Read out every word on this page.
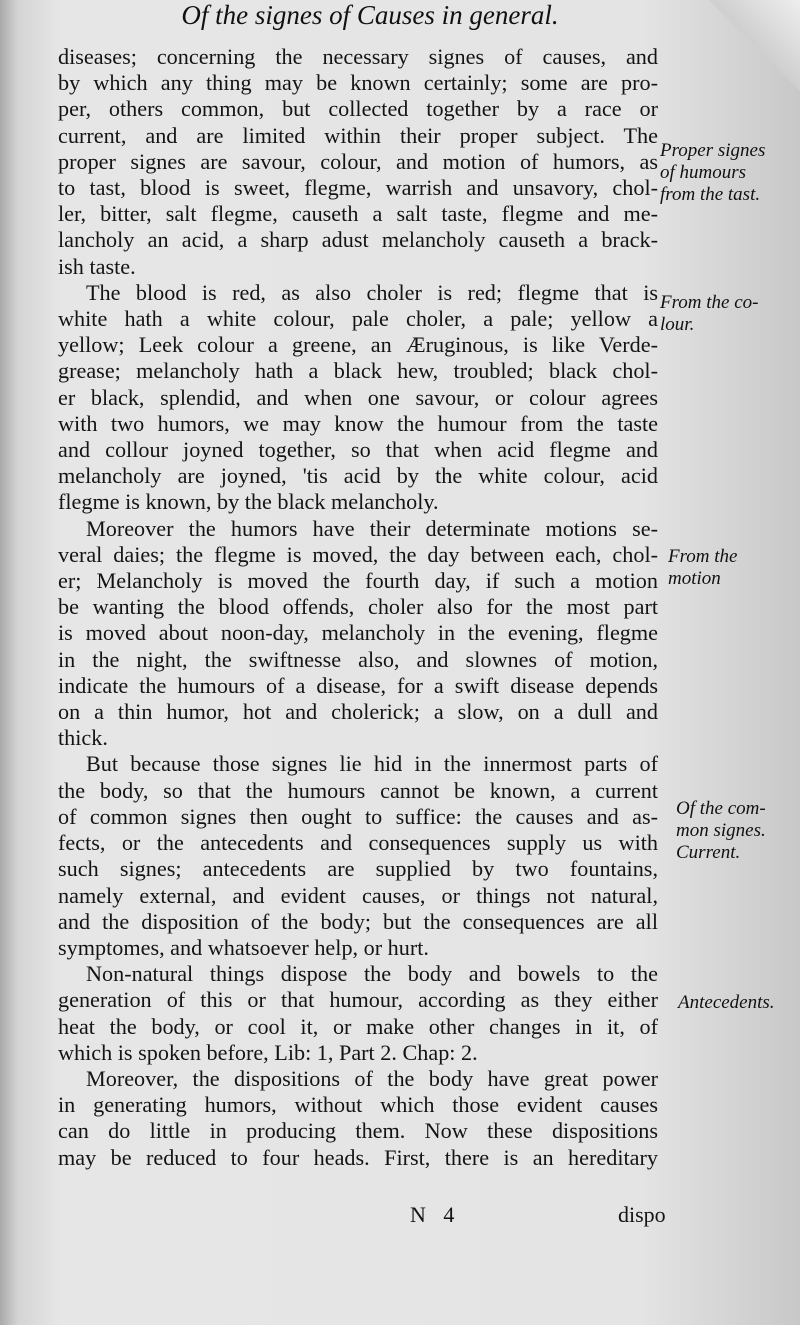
Of the signes of Causes in general.

diseases; concerning the necessary signes of causes, and
by which any thing may be known certainly; some are pro-
per, others common, but collected together by a race or
current, and are limited within their proper subject. The
proper signes are savour, colour, and motion of humors, as
to tast, blood is sweet, flegme, warrish and unsavory, chol-
ler, bitter, salt flegme, causeth a salt taste, flegme and me-
lancholy an acid, a sharp adust melancholy causeth a brack-
ish taste.

The blood is red, as also choler is red; flegme that is
white hath a white colour, pale choler, a pale; yellow a
yellow; Leek colour a greene, an Æruginous, is like Verde-
grease; melancholy hath a black hew, troubled; black chol-
er black, splendid, and when one savour, or colour agrees
with two humors, we may know the humour from the taste
and collour joyned together, so that when acid flegme and
melancholy are joyned, 'tis acid by the white colour, acid
flegme is known, by the black melancholy.

Moreover the humors have their determinate motions se-
veral daies; the flegme is moved, the day between each, chol-
er; Melancholy is moved the fourth day, if such a motion
be wanting the blood offends, choler also for the most part
is moved about noon-day, melancholy in the evening, flegme
in the night, the swiftnesse also, and slownes of motion,
indicate the humours of a disease, for a swift disease depends
on a thin humor, hot and cholerick; a slow, on a dull and
thick.

But because those signes lie hid in the innermost parts of
the body, so that the humours cannot be known, a current
of common signes then ought to suffice: the causes and as-
fects, or the antecedents and consequences supply us with
such signes; antecedents are supplied by two fountains,
namely external, and evident causes, or things not natural,
and the disposition of the body; but the consequences are all
symptomes, and whatsoever help, or hurt.

Non-natural things dispose the body and bowels to the
generation of this or that humour, according as they either
heat the body, or cool it, or make other changes in it, of
which is spoken before, Lib: 1, Part 2. Chap: 2.

Moreover, the dispositions of the body have great power
in generating humors, without which those evident causes
can do little in producing them. Now these dispositions
may be reduced to four heads. First, there is an hereditary

Proper signes
of humours
from the tast.
From the co-
lour.
From the
motion
Of the com-
mon signes.
Current.
Antecedents.
N 4	dispo
